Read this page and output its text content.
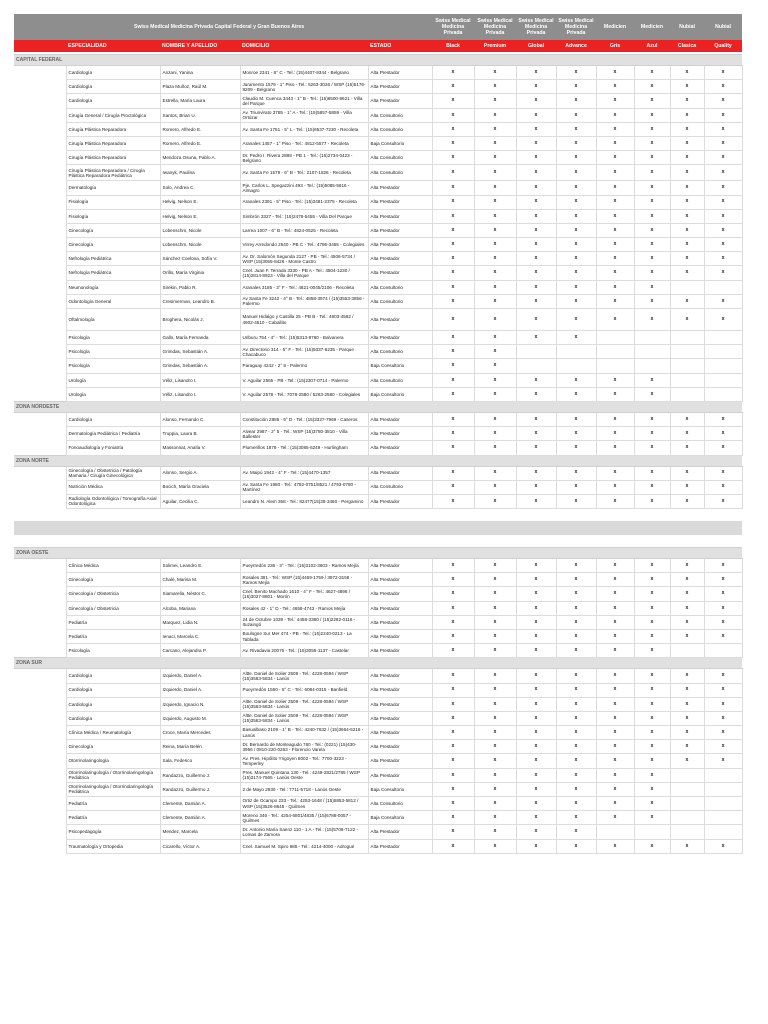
Swiss Medical Medicina Privada Capital Federal y Gran Buenos Aires					Swiss Medical Medicina Privada	Swiss Medical Medicina Privada	Swiss Medical Medicina Privada	Swiss Medical Medicina Privada	Medicien	Medicien	Nubial	Nubial
	ESPECIALIDAD	NOMBRE Y APELLIDO	DOMICILIO	ESTADO	Black	Premium	Global	Advance	Gris	Azul	Clasica	Quality
CAPITAL FEDERAL												
	Cardiología	Anzani, Yanina	Monroe 2341 - 8° C - Tel.: (15)4407-9344 - Belgrano	Alta Prestador	x	x	x	x	x	x	x	x
	Cardiología	Plaza Muñoz, Raúl M.	Juramento 1579 - 1° Piso - Tel.: 5263-3026 / WSP (15)5176-8209 - Belgrano	Alta Prestador	x	x	x	x	x	x	x	x
	Cardiología	Estrella, María Laura	Claudio M. Cuenca 3443 - 1° B - Tel.: (15)6500-8621 - Villa del Parque	Alta Prestador	x	x	x	x	x	x	x	x
	Cirugía General / Cirugía Proctológica	Santos, Brian U.	Av. Triunvirato 3785 - 1° A - Tel.: (15)5857-5859 - Villa Ortúzar	Alta Consultorio	x	x	x	x	x	x	x	x
	Cirugía Plástica Reparadora	Romero, Alfredo E.	Av. Santa Fe 1751 - 5° L - Tel.: (15)6537-7230 - Recoleta	Alta Consultorio	x	x	x	x	x	x	x	x
	Cirugía Plástica Reparadora	Romero, Alfredo E.	Aranales 1457 - 1° Piso - Tel.: 4812-5577 - Recoleta	Baja Consultorio	x	x	x	x	x	x	x	x
	Cirugía Plástica Reparadora	Mendoza Osuna, Pablo A.	Dr. Pedro I. Rivera 2888 - PB 1 - Tel.: (15)2734-0423 - Belgrano	Alta Consultorio	x	x	x	x	x	x	x	x
	Cirugía Plástica Reparadora / Cirugía Plástica Reparadora Pediátrica	Iwanyk, Paulina	Av. Santa Fe 1579 - 6° B - Tel.: 2107-1826 - Recoleta	Alta Consultorio	x	x	x	x	x	x	x	x
	Dermatología	Solo, Andrea C.	Pje. Carlos L. Spegazzini 493 - Tel.: (15)5085-5616 - Almagro	Alta Prestador	x	x	x	x	x	x	x	x
	Fisiología	Helvig, Nelson E.	Aranales 2391 - 5° Piso - Tel.: (15)3481-2375 - Recoleta	Alta Prestador	x	x	x	x	x	x	x	x
	Fisiología	Helvig, Nelson E.	Simbrón 3327 - Tel.: (15)2478-5455 - Villa Del Parque	Alta Prestador	x	x	x	x	x	x	x	x
	Ginecología	Lobenschm, Nicole	Larrea 1007 - 6° B - Tel.: 4824-0525 - Recoleta	Alta Prestador	x	x	x	x	x	x	x	x
	Ginecología	Lobenschm, Nicole	Virrey Arredondo 2540 - PB C - Tel.: 4786-3455 - Colegiales	Alta Prestador	x	x	x	x	x	x	x	x
	Nefrología Pediátrica	Sánchez Coelona, Sofía V.	Av. Dr. Salomón Segunda 2127 - PB - Tel.: 4506-5734 / WSP (15)3055-8426 - Monte Castro	Alta Prestador	x	x	x	x	x	x	x	x
	Nefrología Pediátrica	Orillo, María Virginia	Cnel. Juan F. Terrada 3330 - PB A - Tel.: 4504-1230 / (15)2814-8923 - Villa del Parque	Alta Prestador	x	x	x	x	x	x	x	x
	Neumonología	Sirekin, Pablo R.	Aranales 3185 - 3° F - Tel.: 4821-0045/2106 - Recoleta	Alta Consultorio	x	x	x	x	x	x		
	Odontología General	Cresimerman, Leandro B.	Av Santa Fe 3242 - 4° B - Tel.: 4858-3974 / (15)3553-3856 - Palermo	Alta Consultorio	x	x	x	x	x	x	x	x
	Oftalmología	Broghera, Nicolás J.	Manuel Hidalgo y Castilla 25 - PB B - Tel.: 4903-4582 / 4902-4510 - Caballito	Alta Prestador	x	x	x	x	x	x	x	x
	Psicología	Gallo, María Fernanda	Uriburu 754 - 4° - Tel.: (15)5313-8760 - Balvanera	Alta Prestador	x	x	x	x				
	Psicología	Grimdas, Sebastián A.	Av. Directorio 314 - 5° F - Tel.: (15)5037-6235 - Parque Chacabuco	Alta Consultorio	x	x						
	Psicología	Grimdas, Sebastián A.	Paraguay 4242 - 2° 8 - Palermo	Baja Consultorio	x	x						
	Urología	Véliz, Lisandro I.	V. Aguilar 2565 - PB - Tel.: (15)2307-0714 - Palermo	Alta Consultorio	x	x	x	x	x	x		
	Urología	Véliz, Lisandro I.	V. Aguilar 2578 - Tel.: 7078-2580 / 5263-2580 - Colegiales	Baja Consultorio	x	x	x	x	x	x		
ZONA NORDESTE												
	Cardiología	Alonso, Fernando C.	Constitución 2885 - 5° D - Tel.: (15)3327-7969 - Caseros	Alta Prestador	x	x	x	x	x	x	x	x
	Dermatología Pediátrica / Pediatría	Truppia, Laura B.	Alvear 2987 - 2° 5 - Tel.: WSP (15)3780-3810 - Villa Ballester	Alta Prestador	x	x	x	x	x	x	x	x
	Fonoaudiología y Foniatría	Massonnat, Analía V.	Plumerillos 1879 - Tel.: (15)3085-6249 - Hurlingham	Alta Prestador	x	x	x	x	x	x	x	x
ZONA NORTE												
	Ginecología / Obstetricia / Patología Mamaria / Cirugía Ginecológica	Alonso, Sergio A.	Av. Maipú 1942 - 4° F - Tel.: (15)4470-1357	Alta Prestador	x	x	x	x	x	x	x	x
	Nutrición Médica	Bocich, María Graciela	Av. Santa Fe 1980 - Tel.: 4792-0751/8521 / 4793-0780 - Martínez	Alta Consultorio	x	x	x	x	x	x	x	x
	Radiología Odontológica / Tomografía Axial Odontológica	Aguilar, Cecilia C.	Leandro N. Alem 358 - Tel.: 82477(15)35-3460 - Pergamino	Alta Prestador	x	x	x	x	x	x	x	x
ZONA OESTE												
	Clínica Médica	Solimei, Leandro E.	Pueyrredón 236 - 3° - Tel.: (15)3102-3603 - Ramos Mejía	Alta Prestador	x	x	x	x	x	x	x	x
	Ginecología	Chalé, Marisa M.	Rosales 381 - Tel.: WSP (15)4469-1759 / 3972-3158 - Ramos Mejía	Alta Prestador	x	x	x	x	x	x	x	x
	Ginecología / Obstetricia	Siamarella, Néstor C.	Cnel. Benito Machado 1610 - 4° F - Tel.: 4627-4898 / (15)3027-8801 - Morón	Alta Prestador	x	x	x	x	x	x	x	x
	Ginecología / Obstetricia	Alcoba, Mariana	Rosales 42 - 1° D - Tel.: 4658-4743 - Ramos Mejía	Alta Prestador	x	x	x	x	x	x	x	x
	Pediatría	Marquez, Lidia N.	24 de Octubre 1039 - Tel.: 4458-3380 / (15)2282-0116 - Ituzaingó	Alta Prestador	x	x	x	x	x	x	x	x
	Pediatría	Ienaci, Marcela C.	Boulogne Sur Mer 474 - PB - Tel.: (15)2240-0213 - La Tablada	Alta Prestador	x	x	x	x	x	x	x	x
	Psicología	Carcano, Alejandra P.	Av. Rivadavia 20075 - Tel.: (15)3055-1137 - Castelar	Alta Prestador	x	x	x	x	x	x		
ZONA SUR												
	Cardiología	Izquierdo, Daniel A.	Altte. Daniel de Solier 2509 - Tel.: 4228-0594 / WSP (15)3563-5834 - Lanús	Alta Prestador	x	x	x	x	x	x	x	x
	Cardiología	Izquierdo, Daniel A.	Pueyrredón 1560 - 5° C - Tel.: 6084-0315 - Banfield	Alta Prestador	x	x	x	x	x	x	x	x
	Cardiología	Izquierdo, Ignacio N.	Altte. Daniel de Solier 2509 - Tel.: 4228-0594 / WSP (15)3563-5834 - Lanús	Alta Prestador	x	x	x	x	x	x	x	x
	Cardiología	Izquierdo, Augusto M.	Altte. Daniel de Solier 2509 - Tel.: 4228-0594 / WSP (15)3563-5834 - Lanús	Alta Prestador	x	x	x	x	x	x	x	x
	Clínica Médica / Reumatología	Croce, María Mercedes	Basualbaso 2109 - 1° B - Tel.: 4240-7632 / (15)3664-5216 - Lanús	Alta Prestador	x	x	x	x	x	x	x	x
	Ginecología	Reina, María Belén	Dr. Bernardo de Monteagudo 760 - Tel.: (0221) (15)430-3956 / 0810-220-0263 - Florencio Varela	Alta Prestador	x	x	x	x	x	x	x	x
	Otorrinolaringología	Sala, Federico	Av. Pres. Hipólito Yrigoyen 8002 - Tel.: 7700-3223 - Temperley	Alta Prestador	x	x	x	x	x	x	x	x
	Otorrinolaringología / Otorrinolaringología Pediátrica	Randazzo, Guillermo J.	Pres. Manuel Quintana 130 - Tel.: 4249-2821/2785 / WSP (15)3174-7565 - Lanús Oeste	Alta Prestador	x	x	x	x	x	x		
	Otorrinolaringología / Otorrinolaringología Pediátrica	Randazzo, Guillermo J.	2 de Mayo 2930 - Tel.: 7711-5718 - Lanús Oeste	Baja Consultorio	x	x	x	x	x	x		
	Pediatría	Clemente, Damián A.	Ortiz de Ocampo 233 - Tel.: 4253-1648 / (15)5853-5812 / WSP (15)3526-8645 - Quilmes	Alta Consultorio	x	x	x	x	x	x		
	Pediatría	Clemente, Damián A.	Moreno 346 - Tel.: 4254-6801/4835 / (15)6788-0057 - Quilmes	Baja Consultorio	x	x	x	x	x	x		
	Psicopedagogía	Mendez, Marcela	Dr. Antonio María Saenz 110 - 1 A - Tel.: (15)5706-7122 - Lomas de Zamora	Alta Prestador	x	x	x	x				
	Traumatología y Ortopedia	Cicarello, Víctor A.	Cnel. Samuel M. Spiro 985 - Tel.: 4214-4000 - Adrogué	Alta Prestador	x	x	x	x	x	x	x	x
